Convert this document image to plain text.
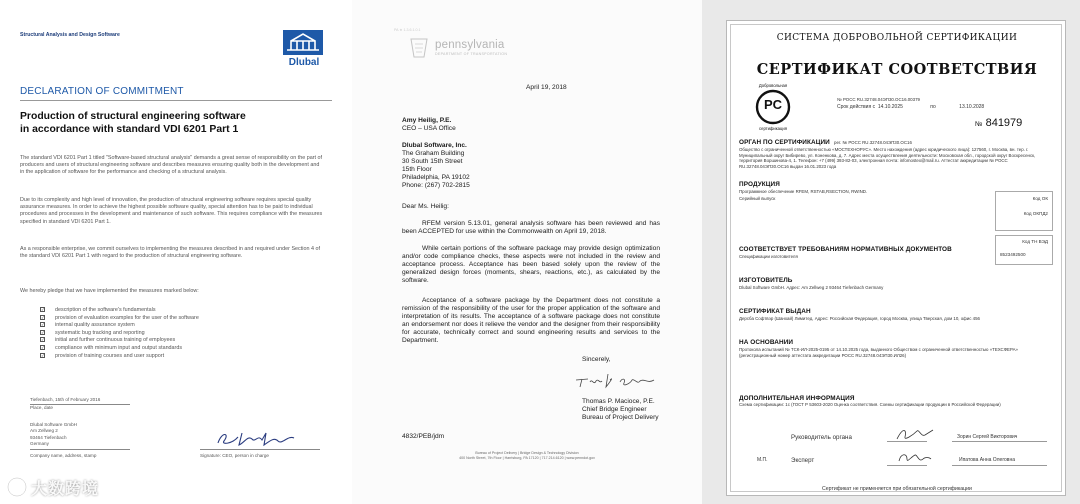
Structural Analysis and Design Software
Dlubal
DECLARATION OF COMMITMENT
Production of structural engineering software
in accordance with standard VDI 6201 Part 1
The standard VDI 6201 Part 1 titled "Software-based structural analysis" demands a great sense of responsibility on the part of producers and users of structural engineering software and describes measures ensuring quality both in the development and in the application of software for the performance and checking of a structural analysis.
Due to its complexity and high level of innovation, the production of structural engineering software requires special quality assurance measures. In order to achieve the highest possible software quality, special attention has to be paid to individual procedures and processes in the development and maintenance of such software. This requires compliance with the measures specified in standard VDI 6201 Part 1.
As a responsible enterprise, we commit ourselves to implementing the measures described in and required under Section 4 of the standard VDI 6201 Part 1 with regard to the production of structural engineering software.
We hereby pledge that we have implemented the measures marked below:
✓ description of the software's fundamentals
✓ provision of evaluation examples for the user of the software
✓ internal quality assurance system
✓ systematic bug tracking and reporting
✓ initial and further continuous training of employees
✓ compliance with minimum input and output standards
✓ provision of training courses and user support
Tiefenbach, 15th of February 2016
Place, date
Dlubal Software GmbH
Am Zellweg 2
93464 Tiefenbach
Germany
Company name, address, stamp	Signature: CEO, person in charge
pennsylvania
DEPARTMENT OF TRANSPORTATION
PA ★ 1.3.6.1.0.1
April 19, 2018
Amy Heilig, P.E.
CEO – USA Office
Dlubal Software, Inc.
The Graham Building
30 South 15th Street
15th Floor
Philadelphia, PA 19102
Phone: (267) 702-2815
Dear Ms. Heilig:
RFEM version 5.13.01, general analysis software has been reviewed and has been ACCEPTED for use within the Commonwealth on April 19, 2018.
While certain portions of the software package may provide design optimization and/or code compliance checks, these aspects were not included in the review and acceptance process. Acceptance has been based solely upon the review of the generalized design forces (moments, shears, reactions, etc.), as calculated by the software.
Acceptance of a software package by the Department does not constitute a remission of the responsibility of the user for the proper application of the software and interpretation of its results. The acceptance of a software package does not constitute an endorsement nor does it relieve the vendor and the designer from their responsibility for accurate, technically correct and sound engineering results and services to the Department.
Sincerely,
Thomas P. Macioce, P.E.
Chief Bridge Engineer
Bureau of Project Delivery
4832/PEB/jdm
Bureau of Project Delivery | Bridge Design & Technology Division
400 North Street, 7th Floor | Harrisburg, PA 17120 | 717.214.6120 | www.penndot.gov
СИСТЕМА ДОБРОВОЛЬНОЙ СЕРТИФИКАЦИИ
СЕРТИФИКАТ СООТВЕТСТВИЯ
Добровольная
PC
сертификация
№ РОСС RU.32748.04ЭП30.ОС16.00379
Срок действия с 14.10.2025	по	13.10.2028
№ 841979
ОРГАН ПО СЕРТИФИКАЦИИ рег. № РОСС RU.32748.04ЭП30.ОС16
Общество с ограниченной ответственностью «МОСТЕХНОРУС». Место нахождения (адрес юридического лица): 127560, г. Москва, вн. тер. г. Муниципальный округ Бибирево, ул. Коненкова, д. 7. Адрес места осуществления деятельности: Московская обл., городской округ Воскресенск, территория Воршинова-4, 1. Телефон: +7 (499) 393-82-03, электронная почта: infomostex@mail.ru. Аттестат аккредитации № РОСС RU.32748.04ЭП30.ОС16 выдан 16.01.2023 года
ПРОДУКЦИЯ
Программное обеспечение RFEM, RSTAB,RSECTION, RWIND.
Серийный выпуск	Код ОК
Код ОКПД2
СООТВЕТСТВУЕТ ТРЕБОВАНИЯМ НОРМАТИВНЫХ ДОКУМЕНТОВ
Спецификации изготовителя
Код ТН ВЭД
8523492500
ИЗГОТОВИТЕЛЬ
Dlubal Software GmbH. Адрес: Am Zellweg 2 93464 Tiefenbach Germany
СЕРТИФИКАТ ВЫДАН
Дерсба Софтвэр (Шанхай) Лимитед. Адрес: Российская Федерация, город Москва, улица Тверская, дом 10, офис 456
НА ОСНОВАНИИ
Протокола испытаний № ТСК-ИЛ-2025-0195 от 14.10.2025 года, выданного Обществом с ограниченной ответственностью «ТЕХСФЕРА» (регистрационный номер аттестата аккредитации РОСС RU.32748.04ЭП30.ИЛ26)
ДОПОЛНИТЕЛЬНАЯ ИНФОРМАЦИЯ
Схема сертификации: 1с (ГОСТ Р 53603-2020 Оценка соответствия. Схемы сертификации продукции в Российской Федерации)
Руководитель органа	Зорин Сергей Викторович
М.П.	Эксперт	Ипатова Анна Олеговна
Сертификат не применяется при обязательной сертификации
大数跨境
